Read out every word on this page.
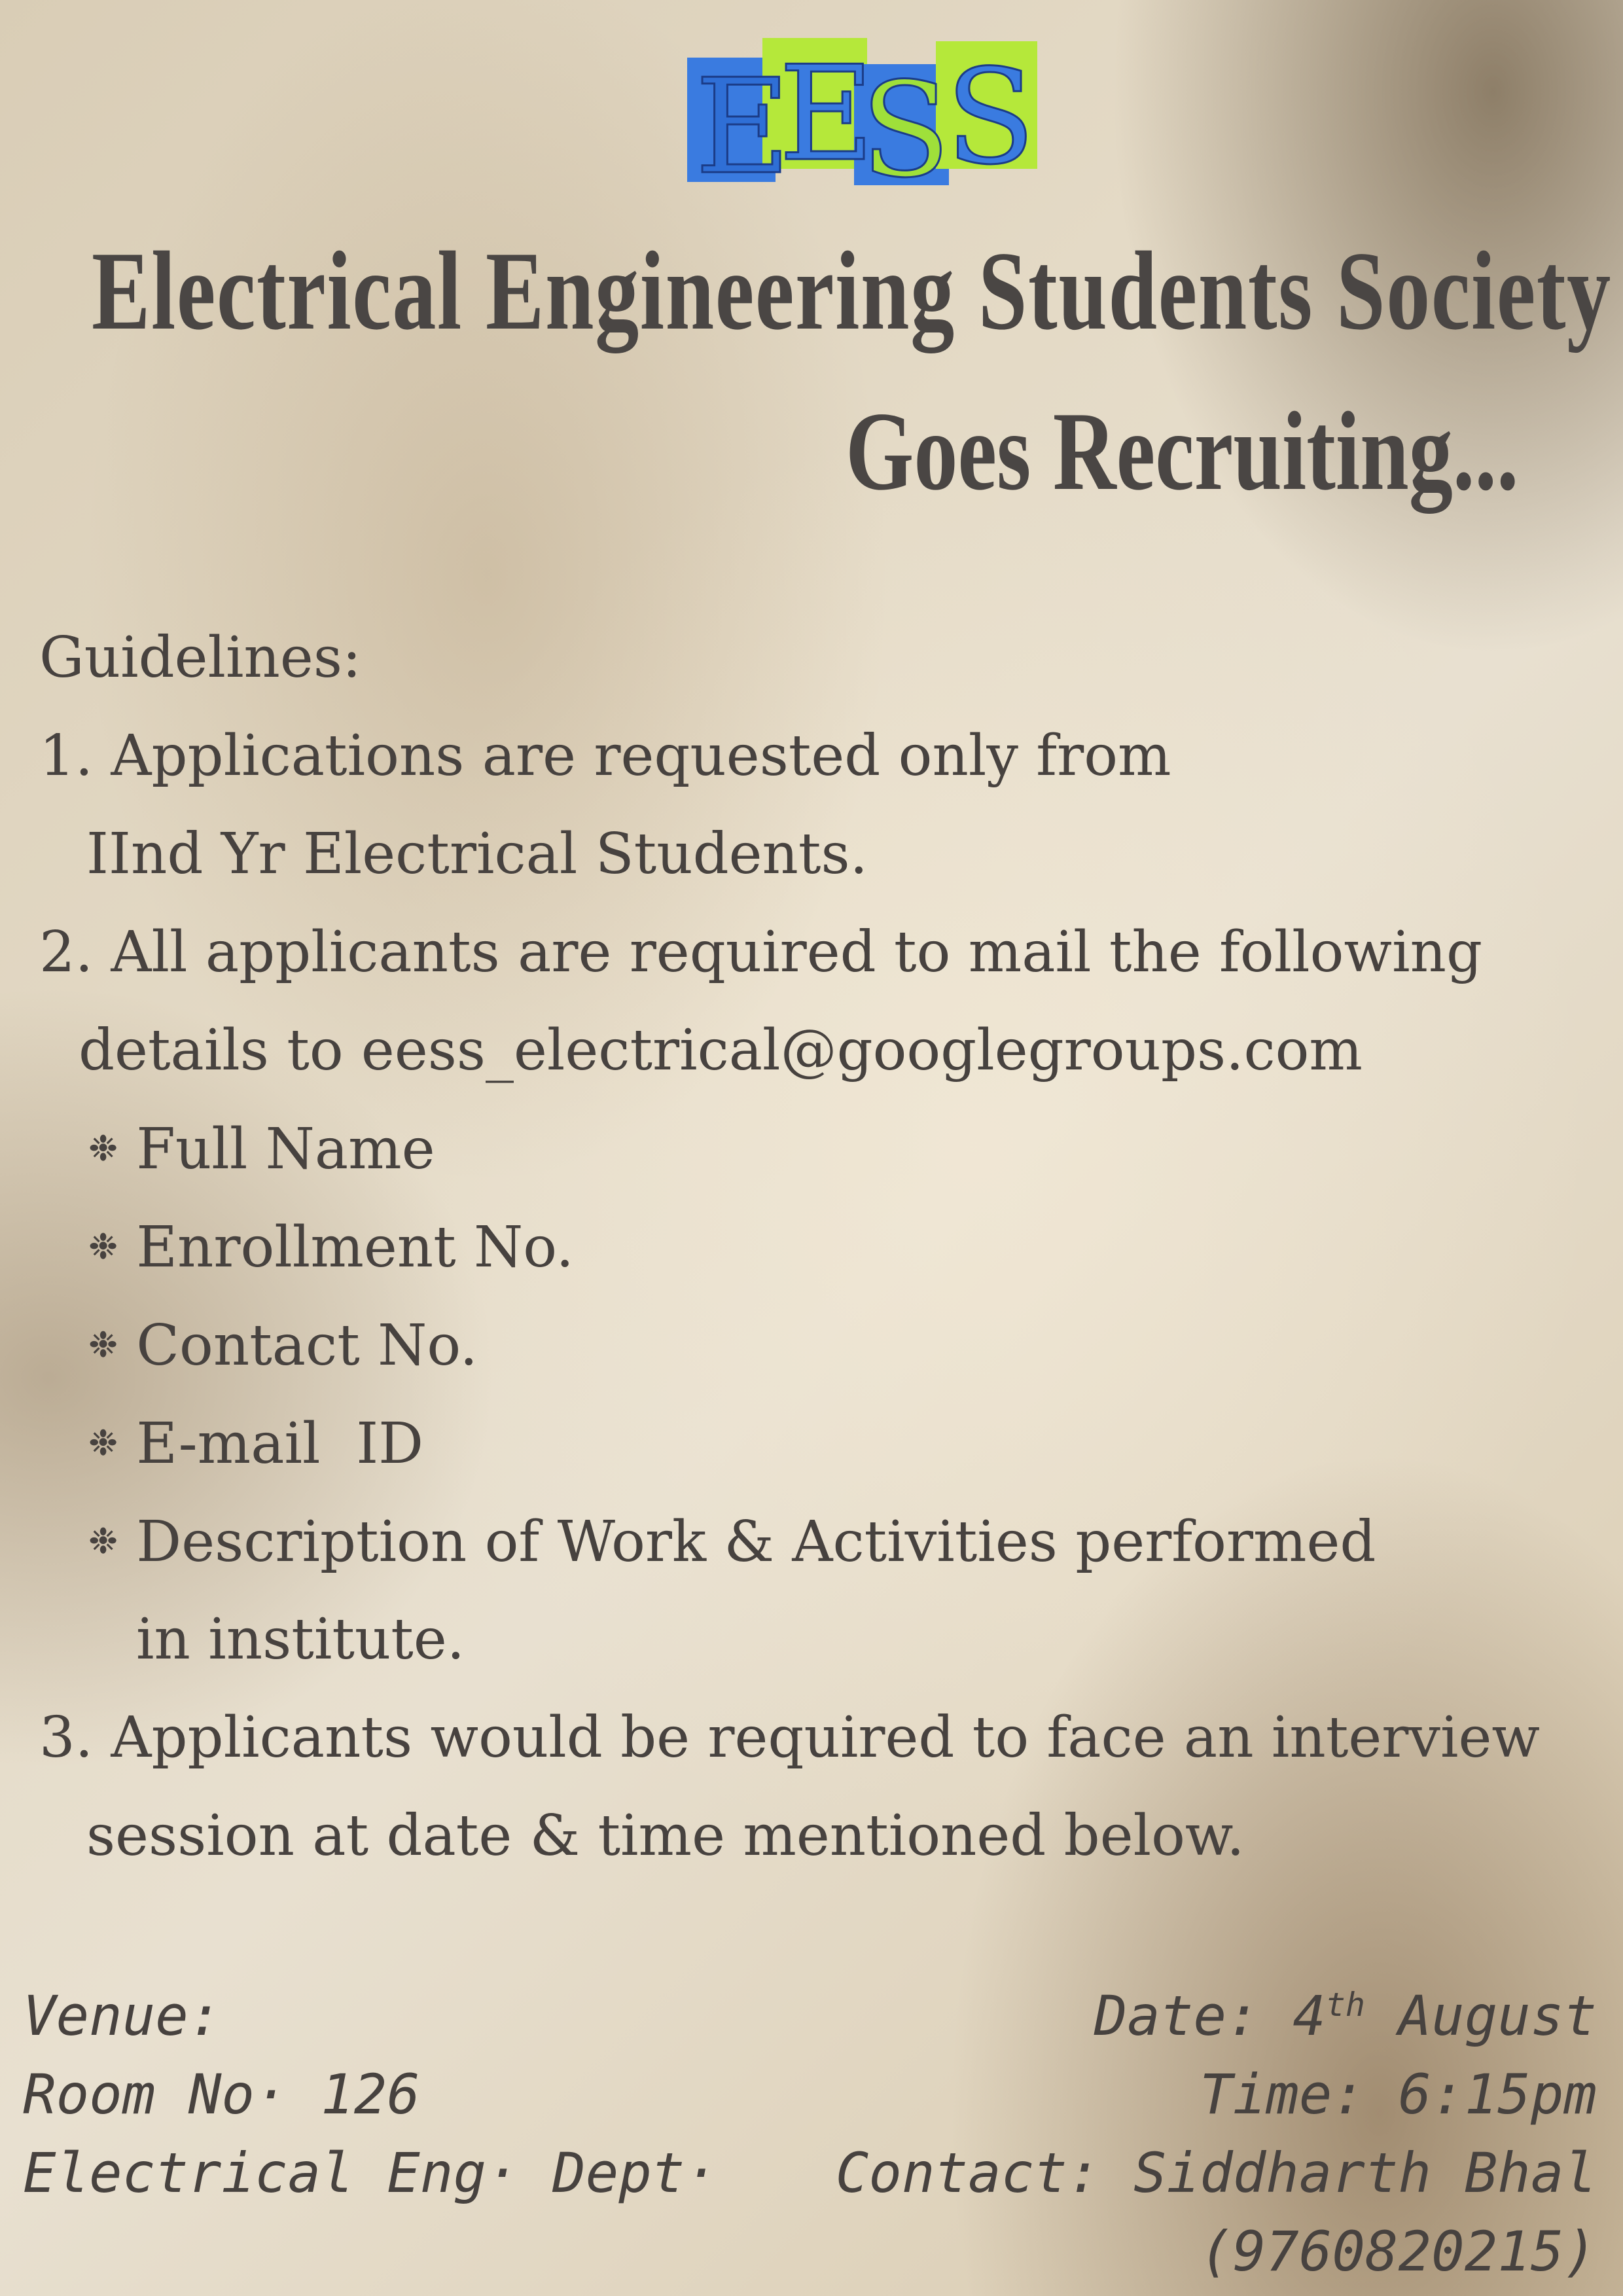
E
E
S
S
Electrical Engineering Students Society
Goes Recruiting...
Guidelines:
1. Applications are requested only from
IInd Yr Electrical Students.
2. All applicants are required to mail the following
details to eess_electrical@googlegroups.com
❉ Full Name
❉ Enrollment No.
❉ Contact No.
❉ E-mail  ID
❉ Description of Work & Activities performed
in institute.
3. Applicants would be required to face an interview
session at date & time mentioned below.
Venue:
Room No· 126
Electrical Eng· Dept·
Date: 4th August
Time: 6:15pm
Contact: Siddharth Bhal
(9760820215)
